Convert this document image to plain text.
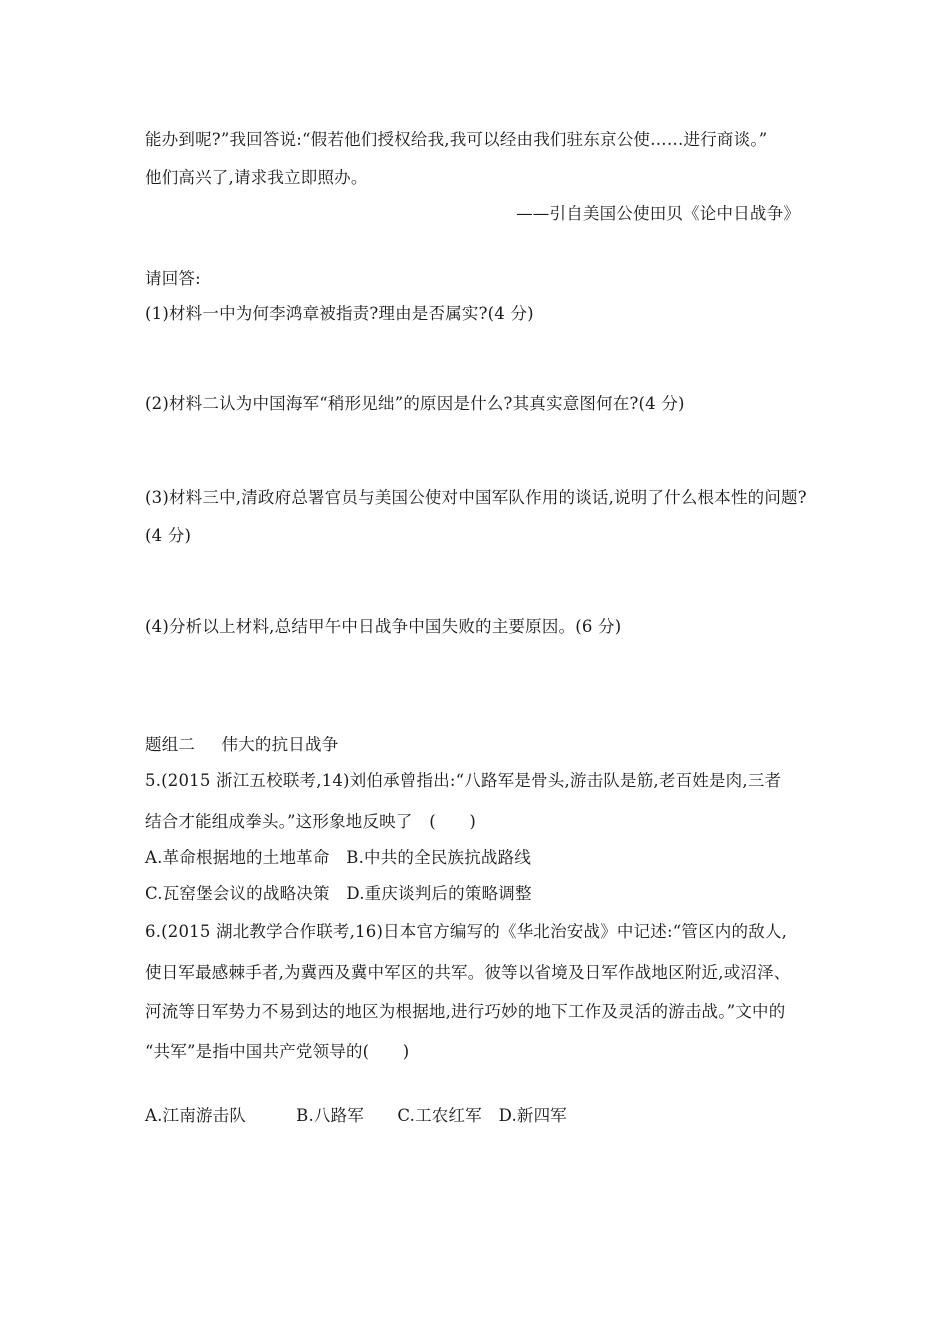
能办到呢?”我回答说:“假若他们授权给我,我可以经由我们驻东京公使……进行商谈。”
他们高兴了,请求我立即照办。
——引自美国公使田贝《论中日战争》
请回答:
(1)材料一中为何李鸿章被指责?理由是否属实?(4 分)
(2)材料二认为中国海军“稍形见绌”的原因是什么?其真实意图何在?(4 分)
(3)材料三中,清政府总署官员与美国公使对中国军队作用的谈话,说明了什么根本性的问题?
(4 分)
(4)分析以上材料,总结甲午中日战争中国失败的主要原因。(6 分)
题组二 伟大的抗日战争
5.(2015 浙江五校联考,14)刘伯承曾指出:“八路军是骨头,游击队是筋,老百姓是肉,三者
结合才能组成拳头。”这形象地反映了　(　　)
A.革命根据地的土地革命　B.中共的全民族抗战路线
C.瓦窑堡会议的战略决策　D.重庆谈判后的策略调整
6.(2015 湖北教学合作联考,16)日本官方编写的《华北治安战》中记述:“管区内的敌人,
使日军最感棘手者,为冀西及冀中军区的共军。彼等以省境及日军作战地区附近,或沼泽、
河流等日军势力不易到达的地区为根据地,进行巧妙的地下工作及灵活的游击战。”文中的
“共军”是指中国共产党领导的(　　)
A.江南游击队　　　B.八路军　　C.工农红军　D.新四军
